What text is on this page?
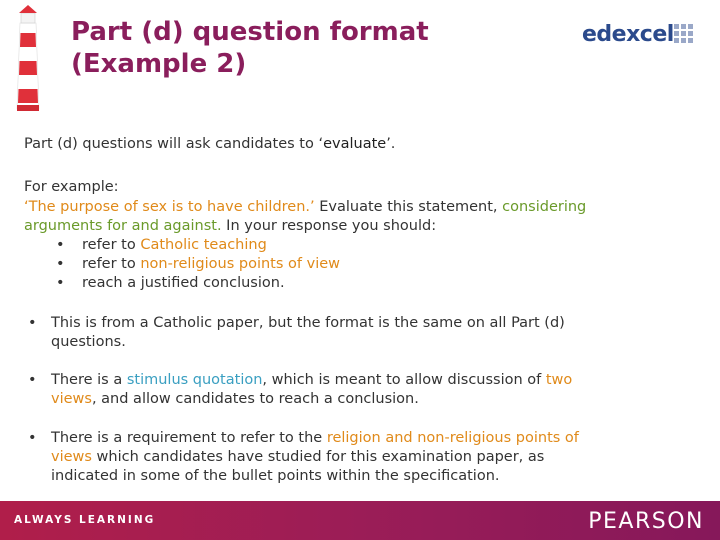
Part (d) question format
(Example 2)
edexcel
Part (d) questions will ask candidates to ‘evaluate’.
For example:
‘The purpose of sex is to have children.’ Evaluate this statement, considering
arguments for and against. In your response you should:
• refer to Catholic teaching
• refer to non-religious points of view
• reach a justified conclusion.
• This is from a Catholic paper, but the format is the same on all Part (d)
questions.
• There is a stimulus quotation, which is meant to allow discussion of two
views, and allow candidates to reach a conclusion.
• There is a requirement to refer to the religion and non-religious points of
views which candidates have studied for this examination paper, as
indicated in some of the bullet points within the specification.
ALWAYS LEARNING	PEARSON
